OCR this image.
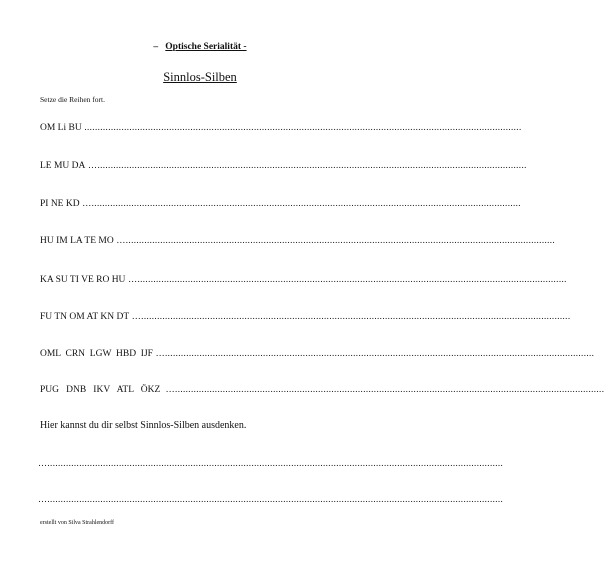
– Optische Serialität -
Sinnlos-Silben
Setze die Reihen fort.
OM Li BU .....................................................................................................................................................................
LE MU DA …..................................................................................................................................................................
PI NE KD …..................................................................................................................................................................
HU IM LA TE MO …..................................................................................................................................................................
KA SU TI VE RO HU …..................................................................................................................................................................
FU TN OM AT KN DT …..................................................................................................................................................................
OML  CRN  LGW  HBD  IJF …..................................................................................................................................................................
PUG   DNB   IKV   ATL   ÖKZ …..................................................................................................................................................................
Hier kannst du dir selbst Sinnlos-Silben ausdenken.
…............................................................................................................................................................................
…............................................................................................................................................................................
erstellt von Silva Strahlendorff
